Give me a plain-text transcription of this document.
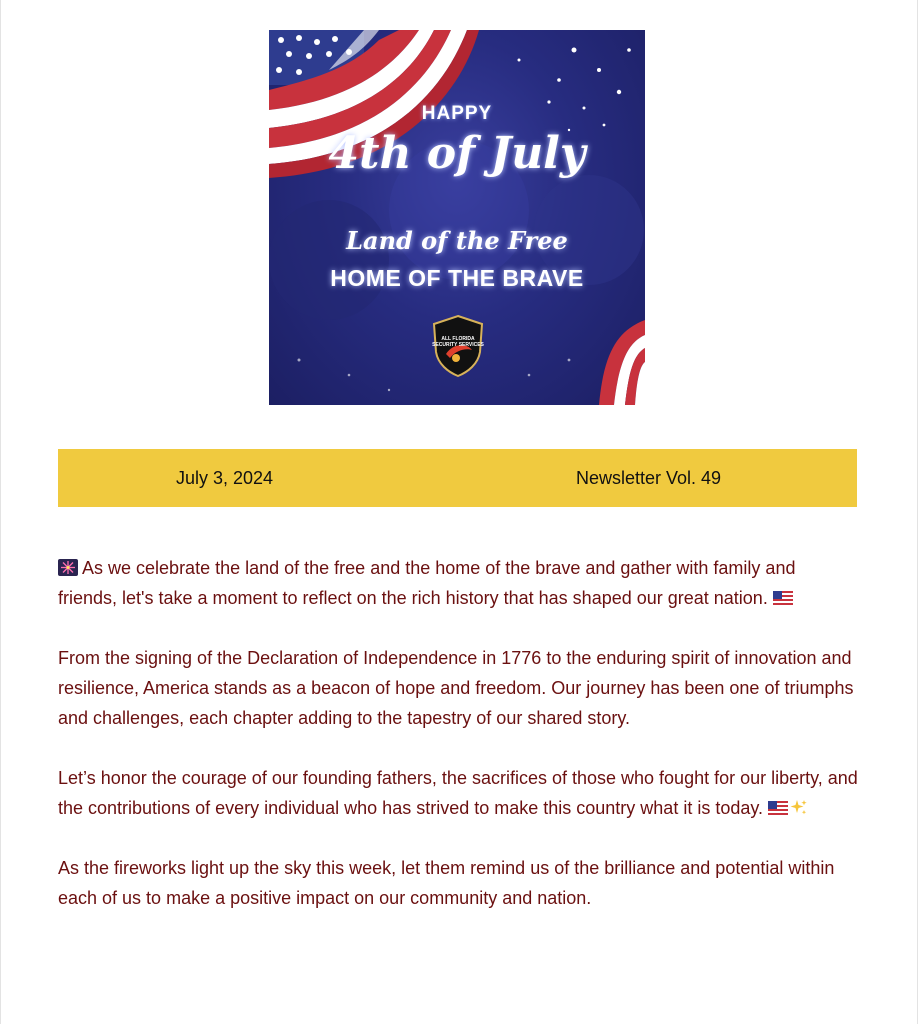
HAPPY
4th of July
Land of the Free
HOME OF THE BRAVE
ALL FLORIDA SECURITY SERVICES
July 3, 2024	Newsletter Vol. 49

As we celebrate the land of the free and the home of the brave and gather with family and friends, let's take a moment to reflect on the rich history that has shaped our great nation.

From the signing of the Declaration of Independence in 1776 to the enduring spirit of innovation and resilience, America stands as a beacon of hope and freedom. Our journey has been one of triumphs and challenges, each chapter adding to the tapestry of our shared story.

Let’s honor the courage of our founding fathers, the sacrifices of those who fought for our liberty, and the contributions of every individual who has strived to make this country what it is today.

As the fireworks light up the sky this week, let them remind us of the brilliance and potential within each of us to make a positive impact on our community and nation.
